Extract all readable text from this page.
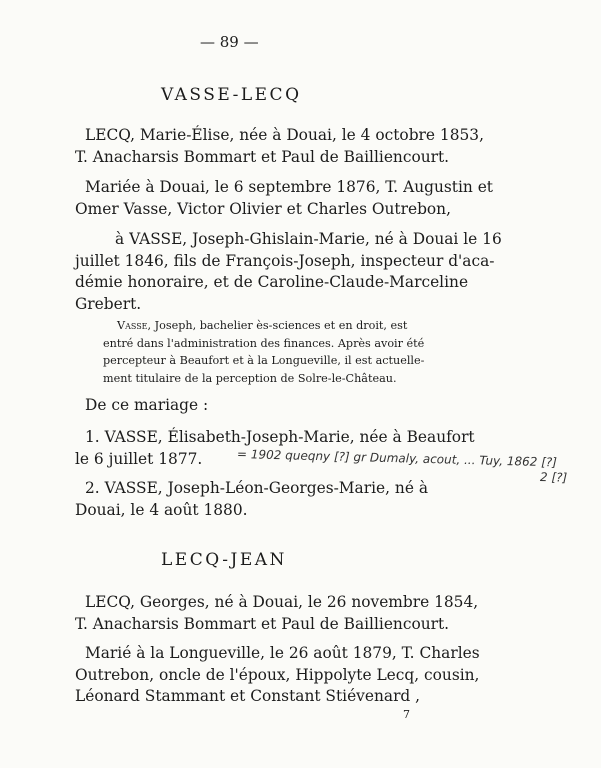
— 89 —
VASSE-LECQ
LECQ, Marie-Élise, née à Douai, le 4 octobre 1853,
T. Anacharsis Bommart et Paul de Bailliencourt.
Mariée à Douai, le 6 septembre 1876, T. Augustin et
Omer Vasse, Victor Olivier et Charles Outrebon,
à VASSE, Joseph-Ghislain-Marie, né à Douai le 16
juillet 1846, fils de François-Joseph, inspecteur d'aca-
démie honoraire, et de Caroline-Claude-Marceline
Grebert.
Vasse, Joseph, bachelier ès-sciences et en droit, est
entré dans l'administration des finances. Après avoir été
percepteur à Beaufort et à la Longueville, il est actuelle-
ment titulaire de la perception de Solre-le-Château.
De ce mariage :
1. VASSE, Élisabeth-Joseph-Marie, née à Beaufort
le 6 juillet 1877.	= 1902 queqny [?] gr Dumaly, acout, ... Tuy, 1862 [?]
2 [?]
2. VASSE, Joseph-Léon-Georges-Marie, né à
Douai, le 4 août 1880.
LECQ-JEAN
LECQ, Georges, né à Douai, le 26 novembre 1854,
T. Anacharsis Bommart et Paul de Bailliencourt.
Marié à la Longueville, le 26 août 1879, T. Charles
Outrebon, oncle de l'époux, Hippolyte Lecq, cousin,
Léonard Stammant et Constant Stiévenard ,
7
